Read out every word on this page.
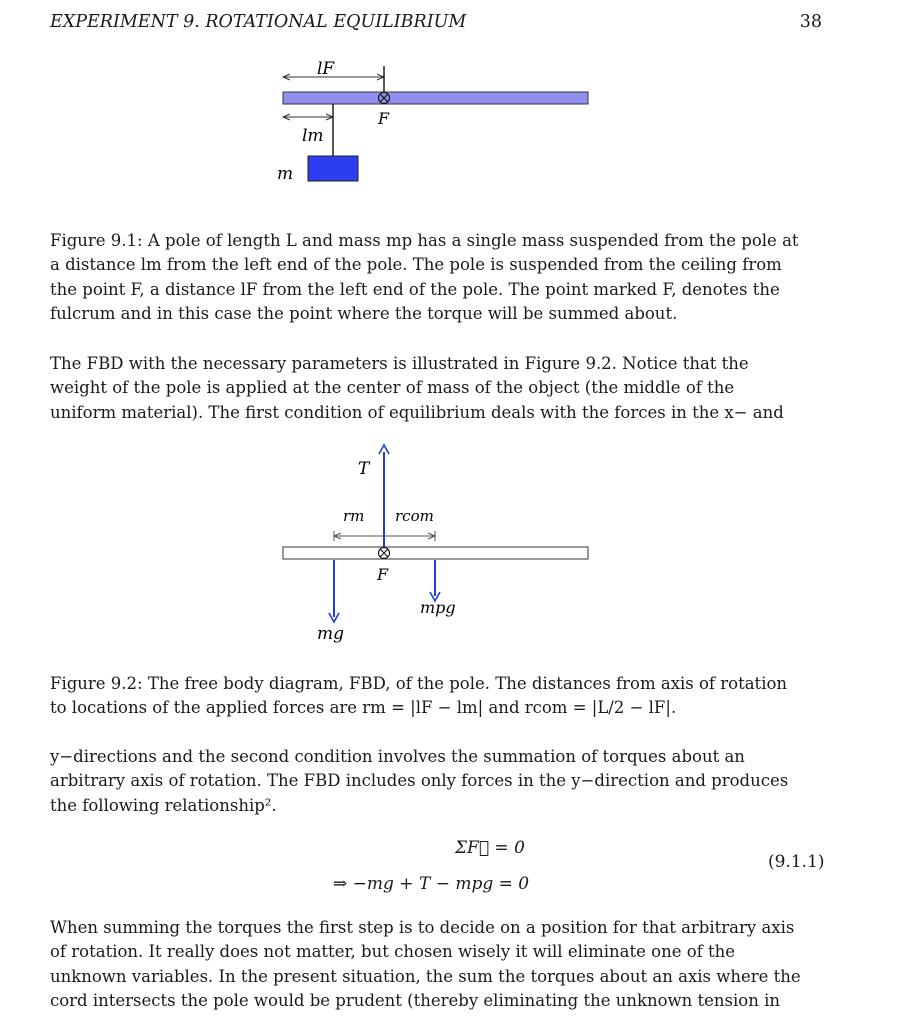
EXPERIMENT 9. ROTATIONAL EQUILIBRIUM	38
lF
F
lm
m

Figure 9.1: A pole of length L and mass mp has a single mass suspended from the pole at
a distance lm from the left end of the pole. The pole is suspended from the ceiling from
the point F, a distance lF from the left end of the pole. The point marked F, denotes the
fulcrum and in this case the point where the torque will be summed about.

The FBD with the necessary parameters is illustrated in Figure 9.2. Notice that the
weight of the pole is applied at the center of mass of the object (the middle of the
uniform material). The first condition of equilibrium deals with the forces in the x− and

T
rm rcom
F
mpg
mg

Figure 9.2: The free body diagram, FBD, of the pole. The distances from axis of rotation
to locations of the applied forces are rm = |lF − lm| and rcom = |L/2 − lF|.

y−directions and the second condition involves the summation of torques about an
arbitrary axis of rotation. The FBD includes only forces in the y−direction and produces
the following relationship².

ΣF⃗ = 0
⇒ −mg + T − mpg = 0
(9.1.1)

When summing the torques the first step is to decide on a position for that arbitrary axis
of rotation. It really does not matter, but chosen wisely it will eliminate one of the
unknown variables. In the present situation, the sum the torques about an axis where the
cord intersects the pole would be prudent (thereby eliminating the unknown tension in
